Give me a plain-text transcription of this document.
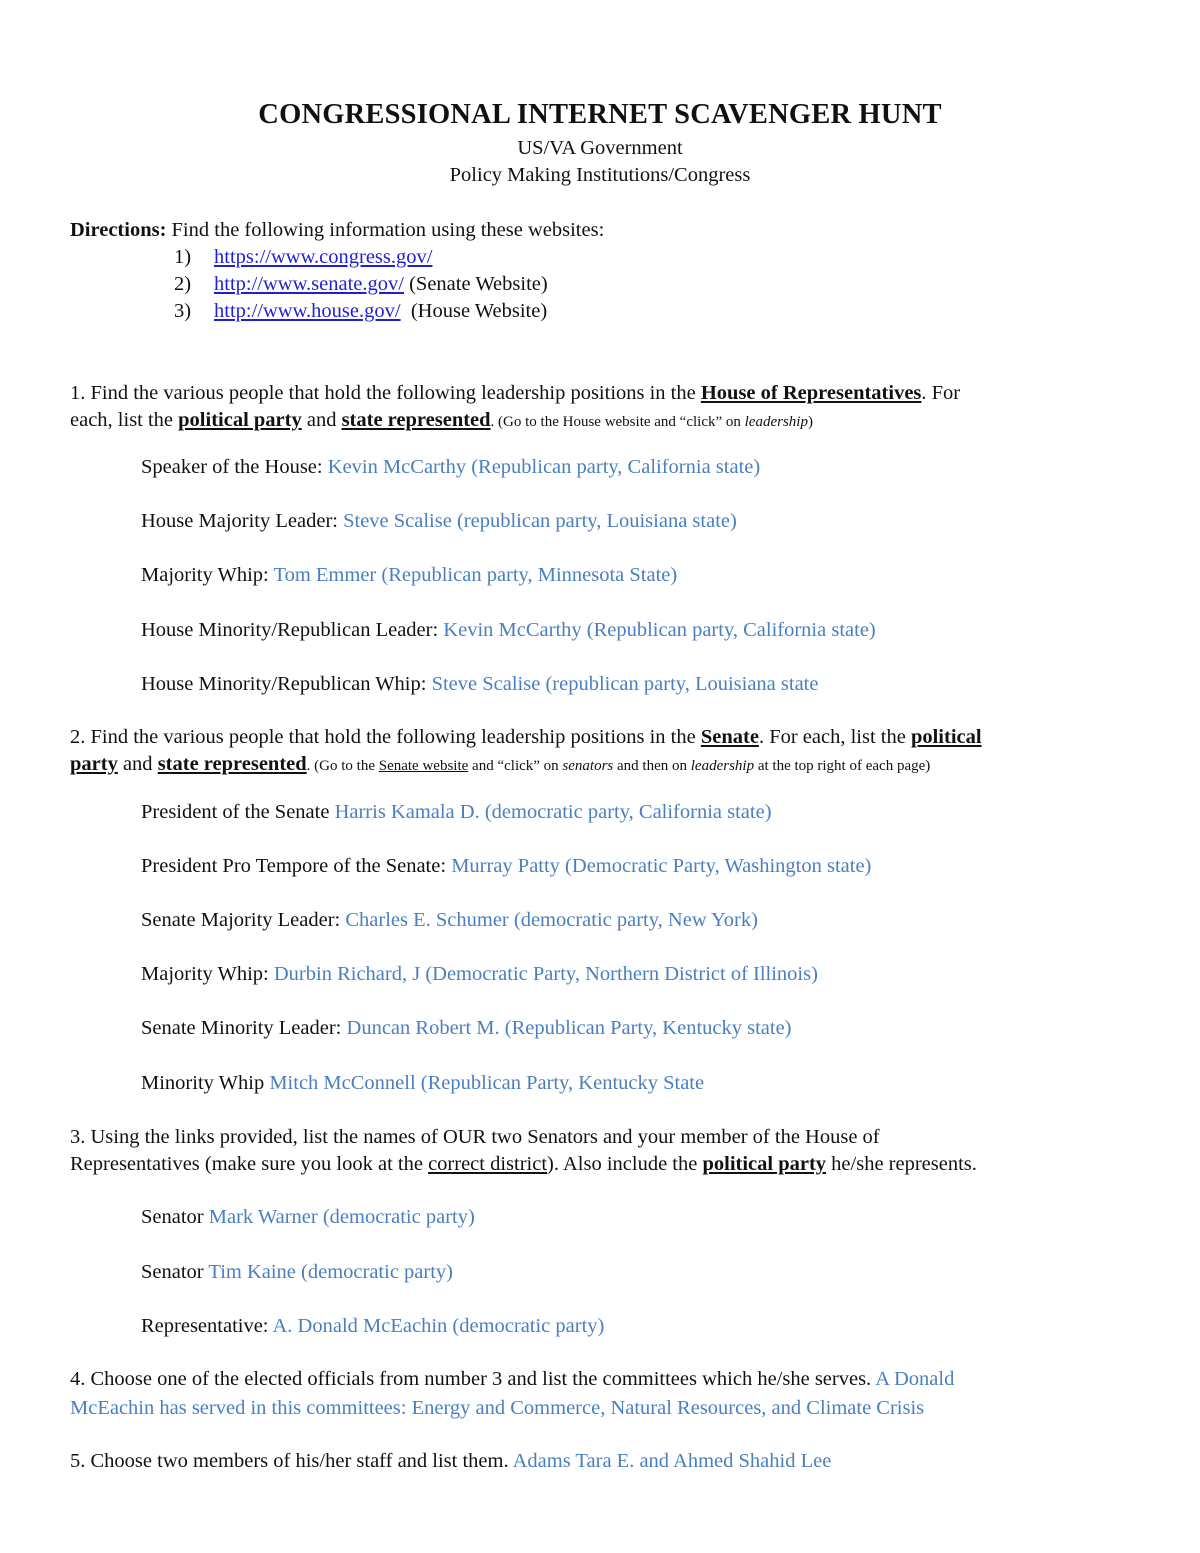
CONGRESSIONAL INTERNET SCAVENGER HUNT

US/VA Government

Policy Making Institutions/Congress

Directions: Find the following information using these websites:

1) https://www.congress.gov/

2) http://www.senate.gov/ (Senate Website)

3) http://www.house.gov/  (House Website)

1. Find the various people that hold the following leadership positions in the House of Representatives. For

each, list the political party and state represented. (Go to the House website and “click” on leadership)

Speaker of the House: Kevin McCarthy (Republican party, California state)

House Majority Leader: Steve Scalise (republican party, Louisiana state)

Majority Whip: Tom Emmer (Republican party, Minnesota State)

House Minority/Republican Leader: Kevin McCarthy (Republican party, California state)

House Minority/Republican Whip: Steve Scalise (republican party, Louisiana state

2. Find the various people that hold the following leadership positions in the Senate. For each, list the political

party and state represented. (Go to the Senate website and “click” on senators and then on leadership at the top right of each page)

President of the Senate Harris Kamala D. (democratic party, California state)

President Pro Tempore of the Senate: Murray Patty (Democratic Party, Washington state)

Senate Majority Leader: Charles E. Schumer (democratic party, New York)

Majority Whip: Durbin Richard, J (Democratic Party, Northern District of Illinois)

Senate Minority Leader: Duncan Robert M. (Republican Party, Kentucky state)

Minority Whip Mitch McConnell (Republican Party, Kentucky State

3. Using the links provided, list the names of OUR two Senators and your member of the House of

Representatives (make sure you look at the correct district). Also include the political party he/she represents.

Senator Mark Warner (democratic party)

Senator Tim Kaine (democratic party)

Representative: A. Donald McEachin (democratic party)

4. Choose one of the elected officials from number 3 and list the committees which he/she serves. A Donald

McEachin has served in this committees: Energy and Commerce, Natural Resources, and Climate Crisis

5. Choose two members of his/her staff and list them. Adams Tara E. and Ahmed Shahid Lee
